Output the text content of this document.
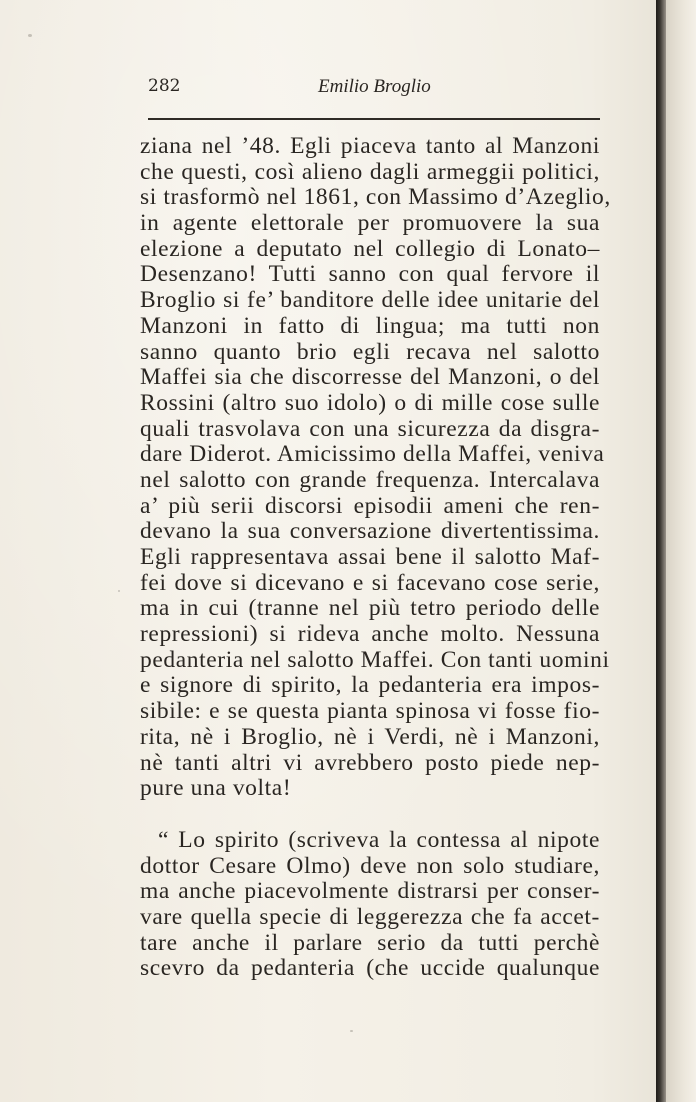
282	Emilio Broglio
ziana nel ’48. Egli piaceva tanto al Manzoni
che questi, così alieno dagli armeggii politici,
si trasformò nel 1861, con Massimo d’Azeglio,
in agente elettorale per promuovere la sua
elezione a deputato nel collegio di Lonato–
Desenzano! Tutti sanno con qual fervore il
Broglio si fe’ banditore delle idee unitarie del
Manzoni in fatto di lingua; ma tutti non
sanno quanto brio egli recava nel salotto
Maffei sia che discorresse del Manzoni, o del
Rossini (altro suo idolo) o di mille cose sulle
quali trasvolava con una sicurezza da disgra-
dare Diderot. Amicissimo della Maffei, veniva
nel salotto con grande frequenza. Intercalava
a’ più serii discorsi episodii ameni che ren-
devano la sua conversazione divertentissima.
Egli rappresentava assai bene il salotto Maf-
fei dove si dicevano e si facevano cose serie,
ma in cui (tranne nel più tetro periodo delle
repressioni) si rideva anche molto. Nessuna
pedanteria nel salotto Maffei. Con tanti uomini
e signore di spirito, la pedanteria era impos-
sibile: e se questa pianta spinosa vi fosse fio-
rita, nè i Broglio, nè i Verdi, nè i Manzoni,
nè tanti altri vi avrebbero posto piede nep-
pure una volta!
“ Lo spirito (scriveva la contessa al nipote
dottor Cesare Olmo) deve non solo studiare,
ma anche piacevolmente distrarsi per conser-
vare quella specie di leggerezza che fa accet-
tare anche il parlare serio da tutti perchè
scevro da pedanteria (che uccide qualunque
